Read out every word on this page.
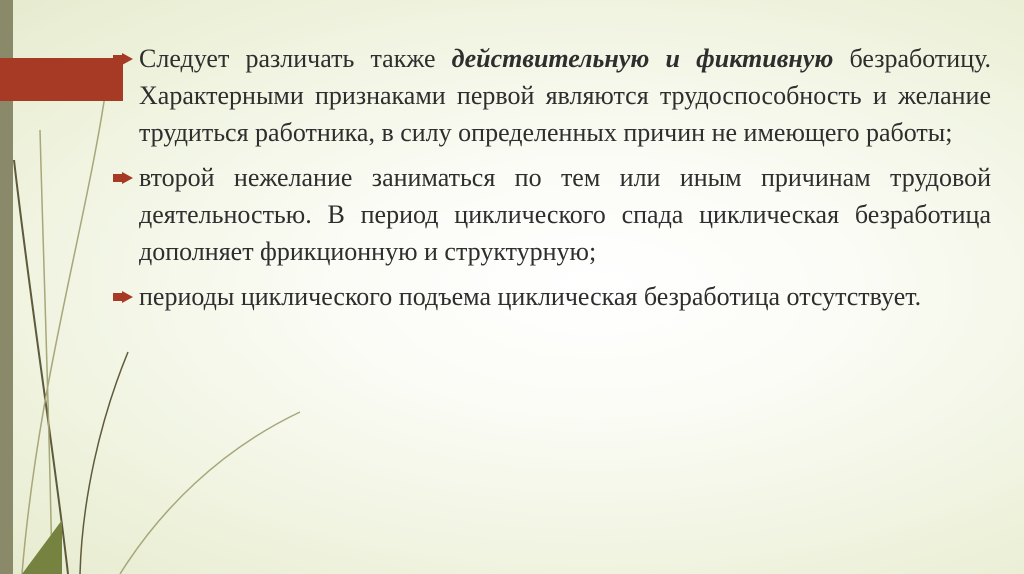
Следует различать также действительную и фиктивную безработицу. Характерными признаками первой являются трудоспособность и желание трудиться работника, в силу определенных причин не имеющего работы;
второй нежелание заниматься по тем или иным причинам трудовой деятельностью. В период циклического спада циклическая безработица дополняет фрикционную и структурную;
периоды циклического подъема циклическая безработица отсутствует.
